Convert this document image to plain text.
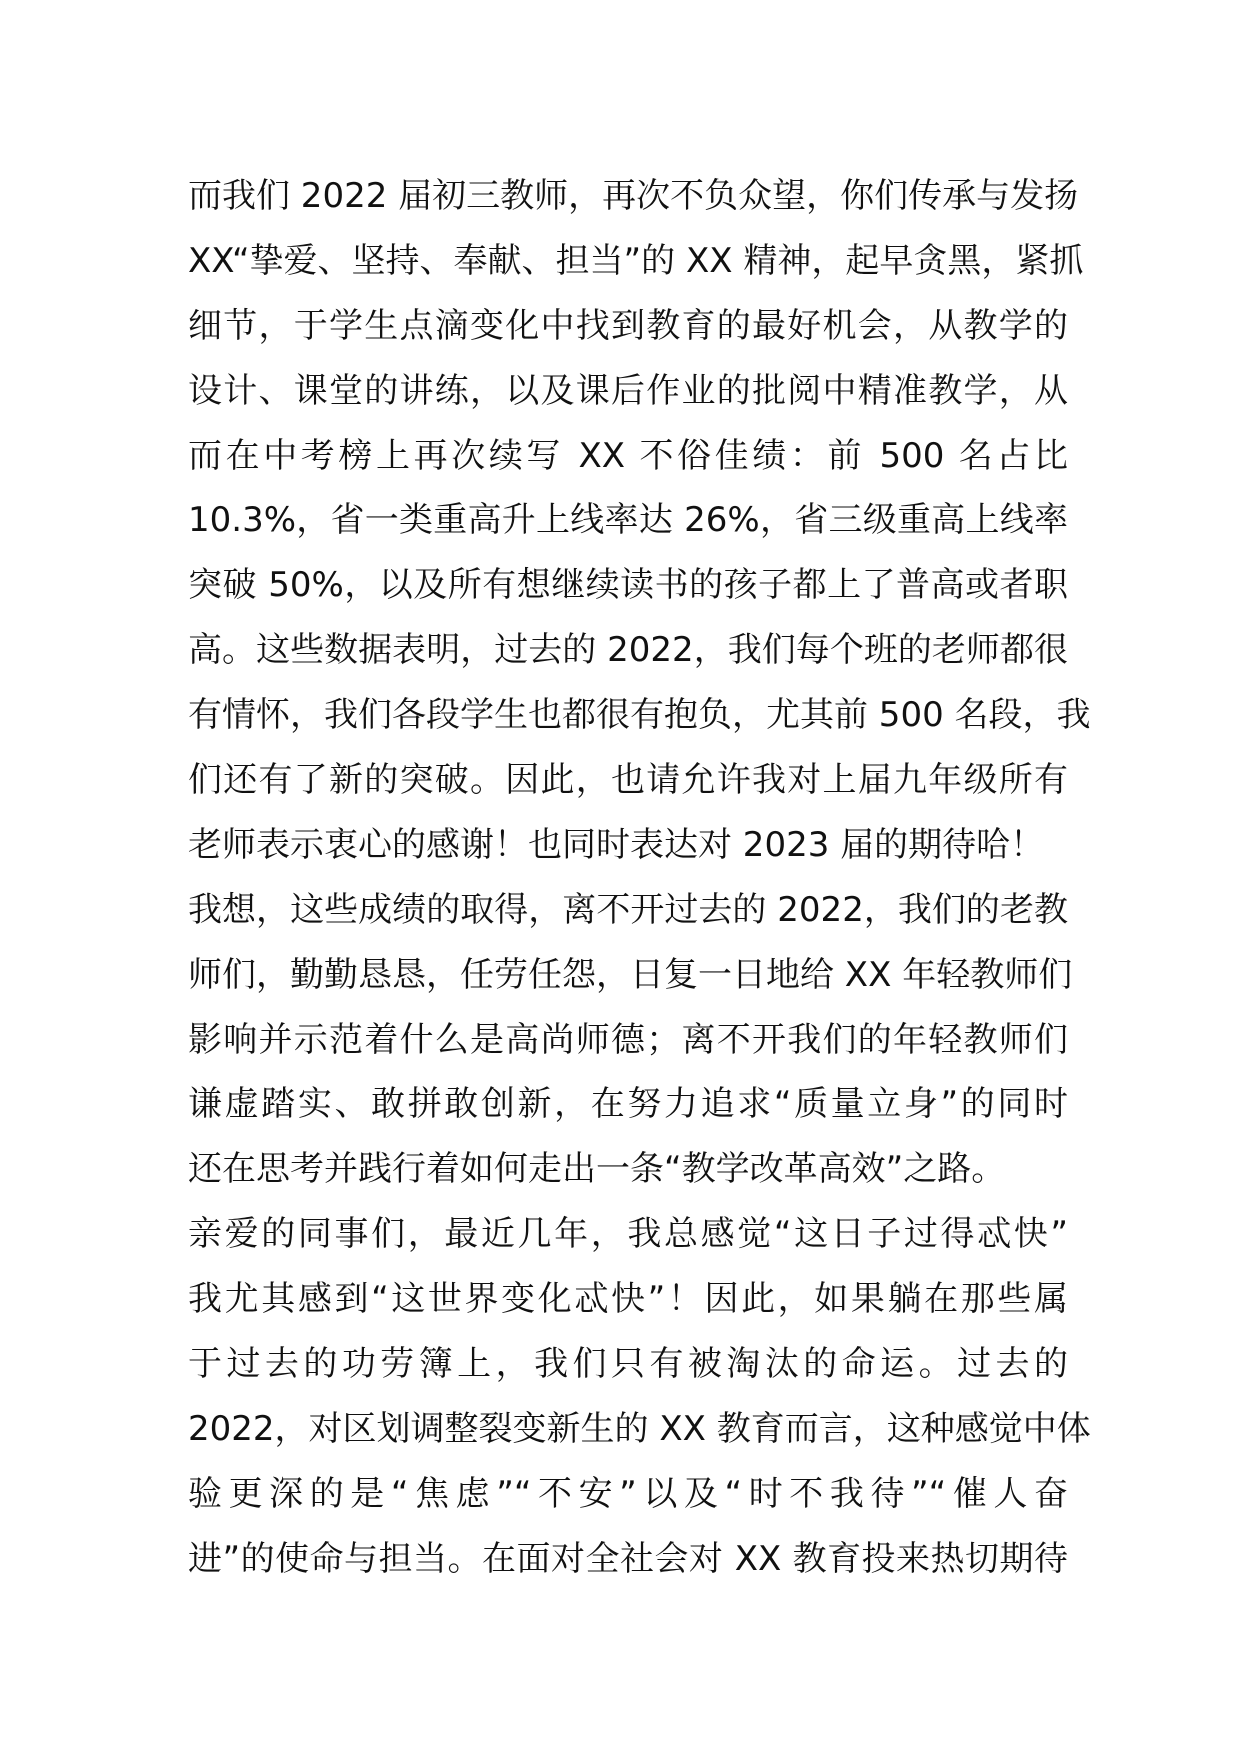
而我们 2022 届初三教师，再次不负众望，你们传承与发扬
XX“挚爱、坚持、奉献、担当”的 XX 精神，起早贪黑，紧抓
细节，于学生点滴变化中找到教育的最好机会，从教学的
设计、课堂的讲练，以及课后作业的批阅中精准教学，从
而在中考榜上再次续写 XX 不俗佳绩：前 500 名占比
10.3%，省一类重高升上线率达 26%，省三级重高上线率
突破 50%，以及所有想继续读书的孩子都上了普高或者职
高。这些数据表明，过去的 2022，我们每个班的老师都很
有情怀，我们各段学生也都很有抱负，尤其前 500 名段，我
们还有了新的突破。因此，也请允许我对上届九年级所有
老师表示衷心的感谢！也同时表达对 2023 届的期待哈！
我想，这些成绩的取得，离不开过去的 2022，我们的老教
师们，勤勤恳恳，任劳任怨，日复一日地给 XX 年轻教师们
影响并示范着什么是高尚师德；离不开我们的年轻教师们
谦虚踏实、敢拼敢创新，在努力追求“质量立身”的同时
还在思考并践行着如何走出一条“教学改革高效”之路。
亲爱的同事们，最近几年，我总感觉“这日子过得忒快”
我尤其感到“这世界变化忒快”！因此，如果躺在那些属
于过去的功劳簿上，我们只有被淘汰的命运。过去的
2022，对区划调整裂变新生的 XX 教育而言，这种感觉中体
验更深的是“焦虑”“不安”以及“时不我待”“催人奋
进”的使命与担当。在面对全社会对 XX 教育投来热切期待
